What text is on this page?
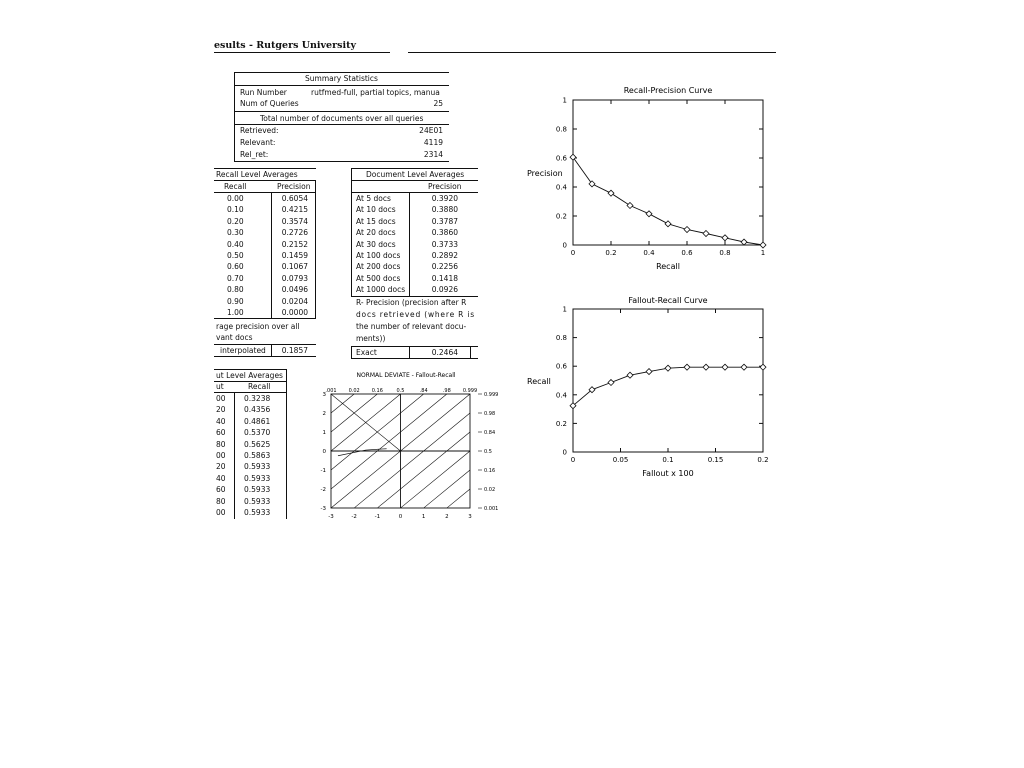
esults - Rutgers University
Summary Statistics
Run Number	rutfmed-full, partial topics, manua
Num of Queries	25
Total number of documents over all queries
Retrieved:	24E01
Relevant:	4119
Rel_ret:	2314
Recall Level Averages
Recall	Precision
0.00	0.6054
0.10	0.4215
0.20	0.3574
0.30	0.2726
0.40	0.2152
0.50	0.1459
0.60	0.1067
0.70	0.0793
0.80	0.0496
0.90	0.0204
1.00	0.0000
rage precision over all
vant docs
interpolated	0.1857
Document Level Averages
Precision
At 5 docs	0.3920
At 10 docs	0.3880
At 15 docs	0.3787
At 20 docs	0.3860
At 30 docs	0.3733
At 100 docs	0.2892
At 200 docs	0.2256
At 500 docs	0.1418
At 1000 docs	0.0926
R- Precision (precision after R
docs retrieved (where R is
the number of relevant docu-
ments))
Exact	0.2464
ut Level Averages
ut	Recall
00 0.3238
20 0.4356
40 0.4861
60 0.5370
80 0.5625
00 0.5863
20 0.5933
40 0.5933
60 0.5933
80 0.5933
00 0.5933
NORMAL DEVIATE - Fallout-Recall
-3	-2	-1	0	1	2	3
3
2
1
0
-1
-2
-3
.001 0.02 0.16	0.5	.84	.98 0.999
0.999
0.98
0.84
0.5
0.16
0.02
0.001
Recall-Precision Curve
Precision
Recall
0	0.2	0.4	0.6	0.8	1
0
0.2
0.4
0.6
0.8
1
Fallout-Recall Curve
Recall
Fallout x 100
0	0.05	0.1	0.15	0.2
0
0.2
0.4
0.6
0.8
1
